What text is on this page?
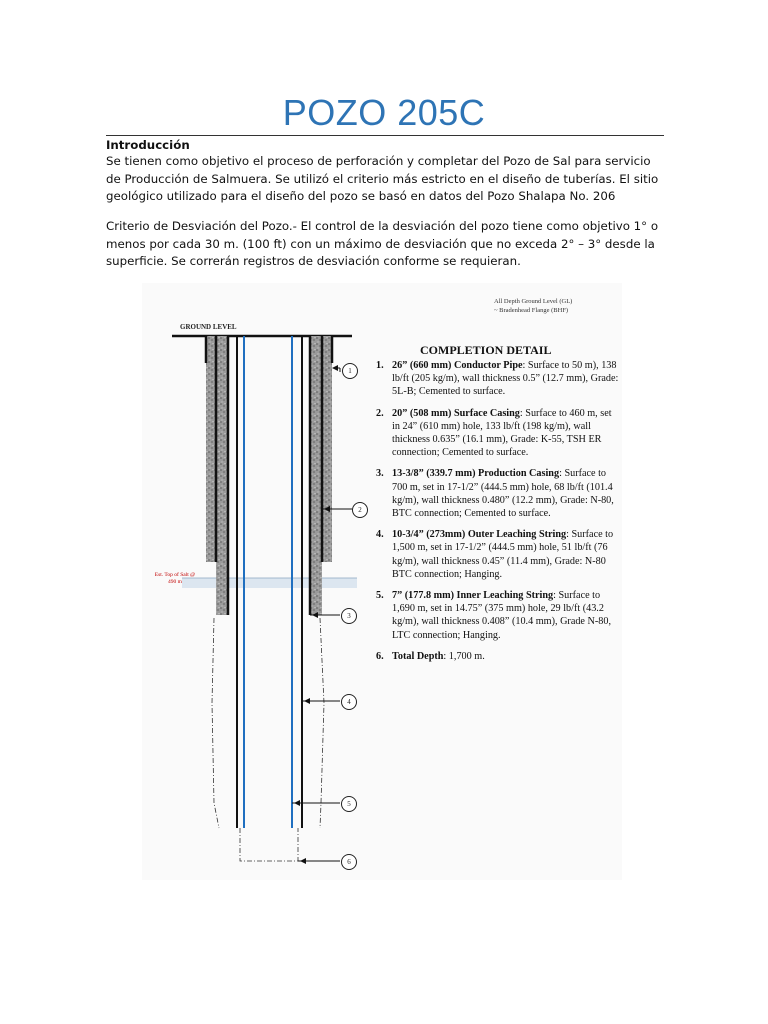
POZO 205C

Introducción

Se tienen como objetivo el proceso de perforación y completar del Pozo de Sal para servicio de Producción de Salmuera. Se utilizó el criterio más estricto en el diseño de tuberías. El sitio geológico utilizado para el diseño del pozo se basó en datos del Pozo Shalapa No. 206

Criterio de Desviación del Pozo.- El control de la desviación del pozo tiene como objetivo 1° o menos por cada 30 m. (100 ft) con un máximo de desviación que no exceda 2° – 3° desde la superficie. Se correrán registros de desviación conforme se requieran.

All Depth Ground Level (GL)
~ Bradenhead Flange (BHF)
GROUND LEVEL
Est. Top of Salt @ 490 m
1
2
3
4
5
6
COMPLETION DETAIL
1. 26” (660 mm) Conductor Pipe: Surface to 50 m), 138 lb/ft (205 kg/m), wall thickness 0.5” (12.7 mm), Grade: 5L-B; Cemented to surface.
2. 20” (508 mm) Surface Casing: Surface to 460 m, set in 24” (610 mm) hole, 133 lb/ft (198 kg/m), wall thickness 0.635” (16.1 mm), Grade: K-55, TSH ER connection; Cemented to surface.
3. 13-3/8” (339.7 mm) Production Casing: Surface to 700 m, set in 17-1/2” (444.5 mm) hole, 68 lb/ft (101.4 kg/m), wall thickness 0.480” (12.2 mm), Grade: N-80, BTC connection; Cemented to surface.
4. 10-3/4” (273mm) Outer Leaching String: Surface to 1,500 m, set in 17-1/2” (444.5 mm) hole, 51 lb/ft (76 kg/m), wall thickness 0.45” (11.4 mm), Grade: N-80 BTC connection; Hanging.
5. 7” (177.8 mm) Inner Leaching String: Surface to 1,690 m, set in 14.75” (375 mm) hole, 29 lb/ft (43.2 kg/m), wall thickness 0.408” (10.4 mm), Grade N-80, LTC connection; Hanging.
6. Total Depth: 1,700 m.
